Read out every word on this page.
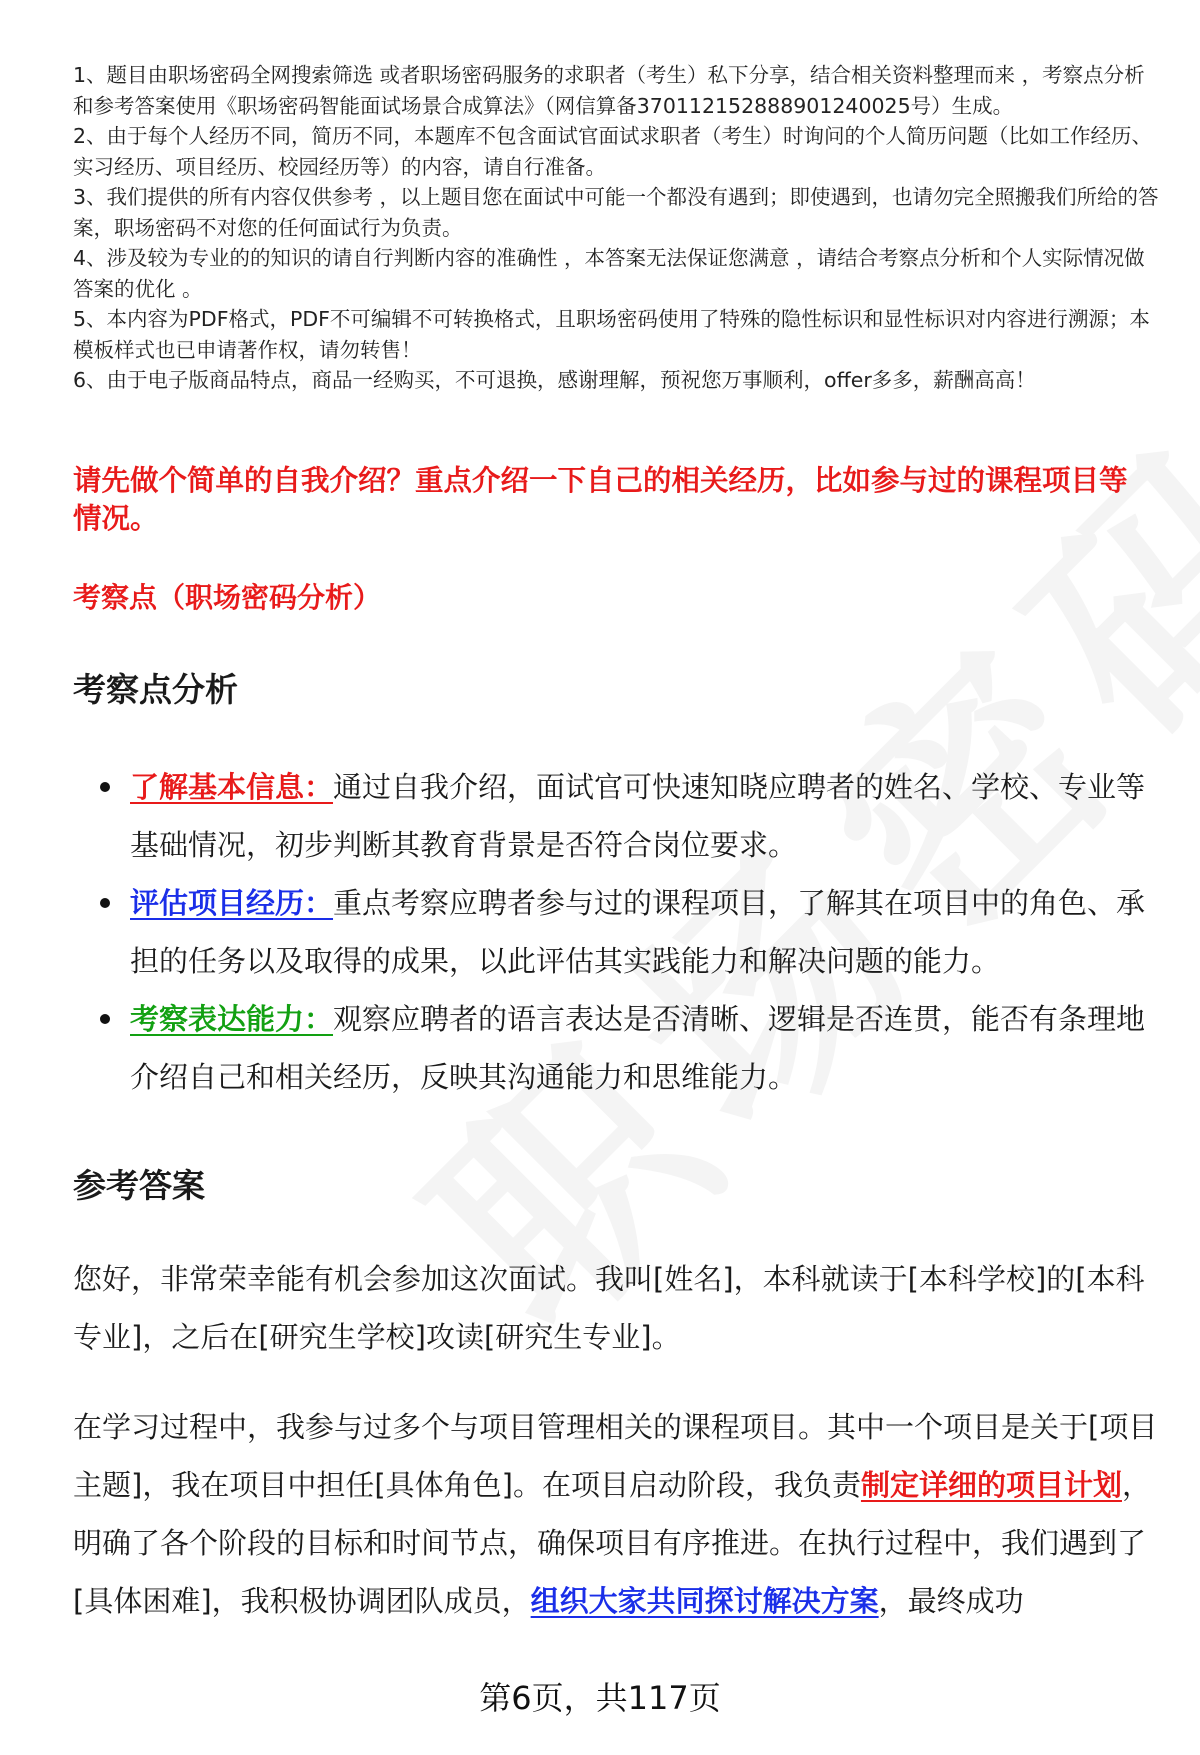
1、题目由职场密码全网搜索筛选 或者职场密码服务的求职者（考生）私下分享，结合相关资料整理而来 ，考察点分析和参考答案使用《职场密码智能面试场景合成算法》（网信算备370112152888901240025号）生成。

2、由于每个人经历不同，简历不同，本题库不包含面试官面试求职者（考生）时询问的个人简历问题（比如工作经历、实习经历、项目经历、校园经历等）的内容，请自行准备。

3、我们提供的所有内容仅供参考 ，以上题目您在面试中可能一个都没有遇到；即使遇到，也请勿完全照搬我们所给的答案，职场密码不对您的任何面试行为负责。

4、涉及较为专业的的知识的请自行判断内容的准确性 ，本答案无法保证您满意 ，请结合考察点分析和个人实际情况做答案的优化 。

5、本内容为PDF格式，PDF不可编辑不可转换格式，且职场密码使用了特殊的隐性标识和显性标识对内容进行溯源；本模板样式也已申请著作权，请勿转售！

6、由于电子版商品特点，商品一经购买，不可退换，感谢理解，预祝您万事顺利，offer多多，薪酬高高！

请先做个简单的自我介绍？重点介绍一下自己的相关经历，比如参与过的课程项目等情况。
考察点（职场密码分析）
考察点分析
了解基本信息：通过自我介绍，面试官可快速知晓应聘者的姓名、学校、专业等基础情况，初步判断其教育背景是否符合岗位要求。
评估项目经历：重点考察应聘者参与过的课程项目，了解其在项目中的角色、承担的任务以及取得的成果，以此评估其实践能力和解决问题的能力。
考察表达能力：观察应聘者的语言表达是否清晰、逻辑是否连贯，能否有条理地介绍自己和相关经历，反映其沟通能力和思维能力。
参考答案

您好，非常荣幸能有机会参加这次面试。我叫[姓名]，本科就读于[本科学校]的[本科专业]，之后在[研究生学校]攻读[研究生专业]。

在学习过程中，我参与过多个与项目管理相关的课程项目。其中一个项目是关于[项目主题]，我在项目中担任[具体角色]。在项目启动阶段，我负责制定详细的项目计划，明确了各个阶段的目标和时间节点，确保项目有序推进。在执行过程中，我们遇到了[具体困难]，我积极协调团队成员，组织大家共同探讨解决方案，最终成功

第6页，共117页
